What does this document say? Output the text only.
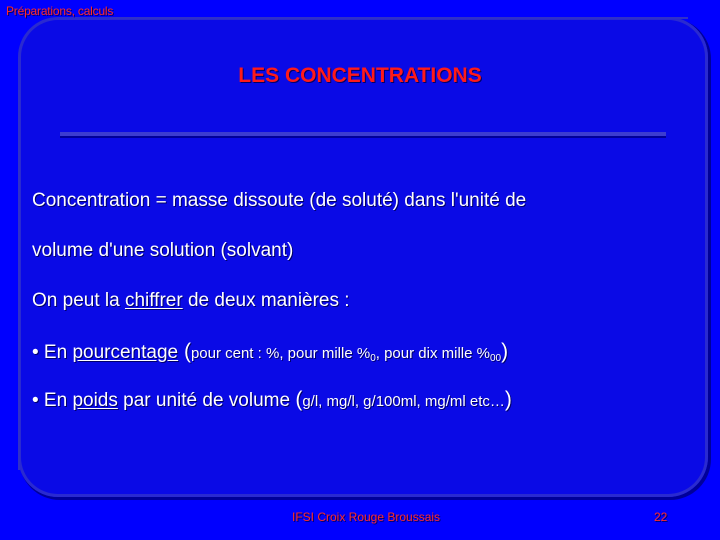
Préparations, calculs
LES CONCENTRATIONS
Concentration = masse dissoute (de soluté) dans l'unité de
volume d'une solution (solvant)
On peut la chiffrer de deux manières :
• En pourcentage (pour cent : %, pour mille %0, pour dix mille %00)
• En poids par unité de volume (g/l, mg/l, g/100ml, mg/ml etc…)
IFSI Croix Rouge Broussais	22
